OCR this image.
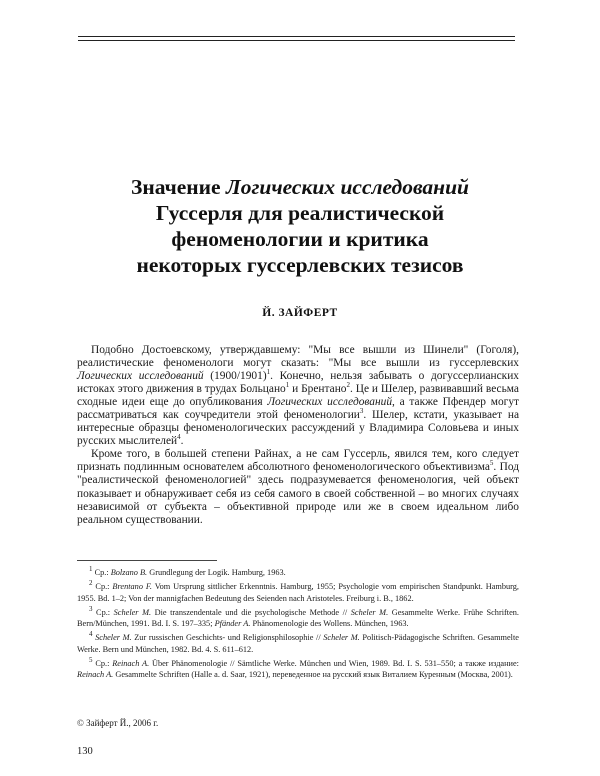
Значение Логических исследований
Гуссерля для реалистической
феноменологии и критика
некоторых гуссерлевских тезисов
Й. ЗАЙФЕРТ

Подобно Достоевскому, утверждавшему: "Мы все вышли из Шинели" (Гоголя), реалистические феноменологи могут сказать: "Мы все вышли из гуссерлевских Логических исследований $(1900/1901)^1$. Конечно, нельзя забывать о догуссерлианских истоках этого движения в трудах Больцано$^1$ и Брентано$^2$. Це и Шелер, развивавший весьма сходные идеи еще до опубликования Логических исследований, а также Пфендер могут рассматриваться как соучредители этой феноменологии$^3$. Шелер, кстати, указывает на интересные образцы феноменологических рассуждений у Владимира Соловьева и иных русских мыслителей$^4$.

Кроме того, в большей степени Райнах, а не сам Гуссерль, явился тем, кого следует признать подлинным основателем абсолютного феноменологического объективизма$^5$. Под "реалистической феноменологией" здесь подразумевается феноменология, чей объект показывает и обнаруживает себя из себя самого в своей собственной – во многих случаях независимой от субъекта – объективной природе или же в своем идеальном либо реальном существовании.

$^1$ Ср.: Bolzano B. Grundlegung der Logik. Hamburg, 1963.
$^2$ Ср.: Brentano F. Vom Ursprung sittlicher Erkenntnis. Hamburg, 1955; Psychologie vom empirischen Standpunkt. Hamburg, 1955. Bd. 1–2; Von der mannigfachen Bedeutung des Seienden nach Aristoteles. Freiburg i. B., 1862.
$^3$ Ср.: Scheler M. Die transzendentale und die psychologische Methode // Scheler M. Gesammelte Werke. Frühe Schriften. Bern/München, 1991. Bd. I. S. 197–335; Pfänder A. Phänomenologie des Wollens. München, 1963.
$^4$ Scheler M. Zur russischen Geschichts- und Religionsphilosophie // Scheler M. Politisch-Pädagogische Schriften. Gesammelte Werke. Bern und München, 1982. Bd. 4. S. 611–612.
$^5$ Ср.: Reinach A. Über Phänomenologie // Sämtliche Werke. München und Wien, 1989. Bd. I. S. 531–550; а также издание: Reinach A. Gesammelte Schriften (Halle a. d. Saar, 1921), переведенное на русский язык Виталием Куренным (Москва, 2001).
© Зайферт Й., 2006 г.
130
